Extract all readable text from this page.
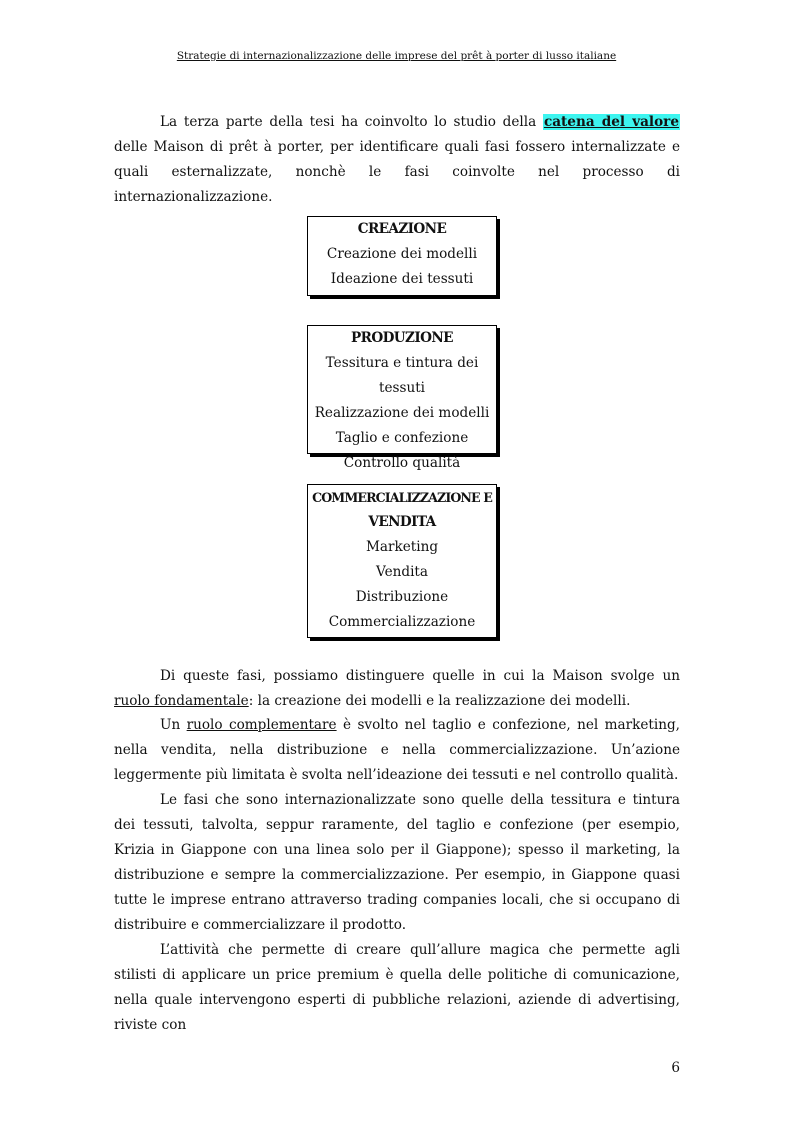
Strategie di internazionalizzazione delle imprese del prêt à porter di lusso italiane
La terza parte della tesi ha coinvolto lo studio della catena del valore delle Maison di prêt à porter, per identificare quali fasi fossero internalizzate e quali esternalizzate, nonchè le fasi coinvolte nel processo di internazionalizzazione.
CREAZIONE
Creazione dei modelli
Ideazione dei tessuti
PRODUZIONE
Tessitura e tintura dei tessuti
Realizzazione dei modelli
Taglio e confezione
Controllo qualità
COMMERCIALIZZAZIONE E
VENDITA
Marketing
Vendita
Distribuzione
Commercializzazione
Di queste fasi, possiamo distinguere quelle in cui la Maison svolge un ruolo fondamentale: la creazione dei modelli e la realizzazione dei modelli.
Un ruolo complementare è svolto nel taglio e confezione, nel marketing, nella vendita, nella distribuzione e nella commercializzazione. Un’azione leggermente più limitata è svolta nell’ideazione dei tessuti e nel controllo qualità.
Le fasi che sono internazionalizzate sono quelle della tessitura e tintura dei tessuti, talvolta, seppur raramente, del taglio e confezione (per esempio, Krizia in Giappone con una linea solo per il Giappone); spesso il marketing, la distribuzione e sempre la commercializzazione. Per esempio, in Giappone quasi tutte le imprese entrano attraverso trading companies locali, che si occupano di distribuire e commercializzare il prodotto.
L’attività che permette di creare qull’allure magica che permette agli stilisti di applicare un price premium è quella delle politiche di comunicazione, nella quale intervengono esperti di pubbliche relazioni, aziende di advertising, riviste con
6
